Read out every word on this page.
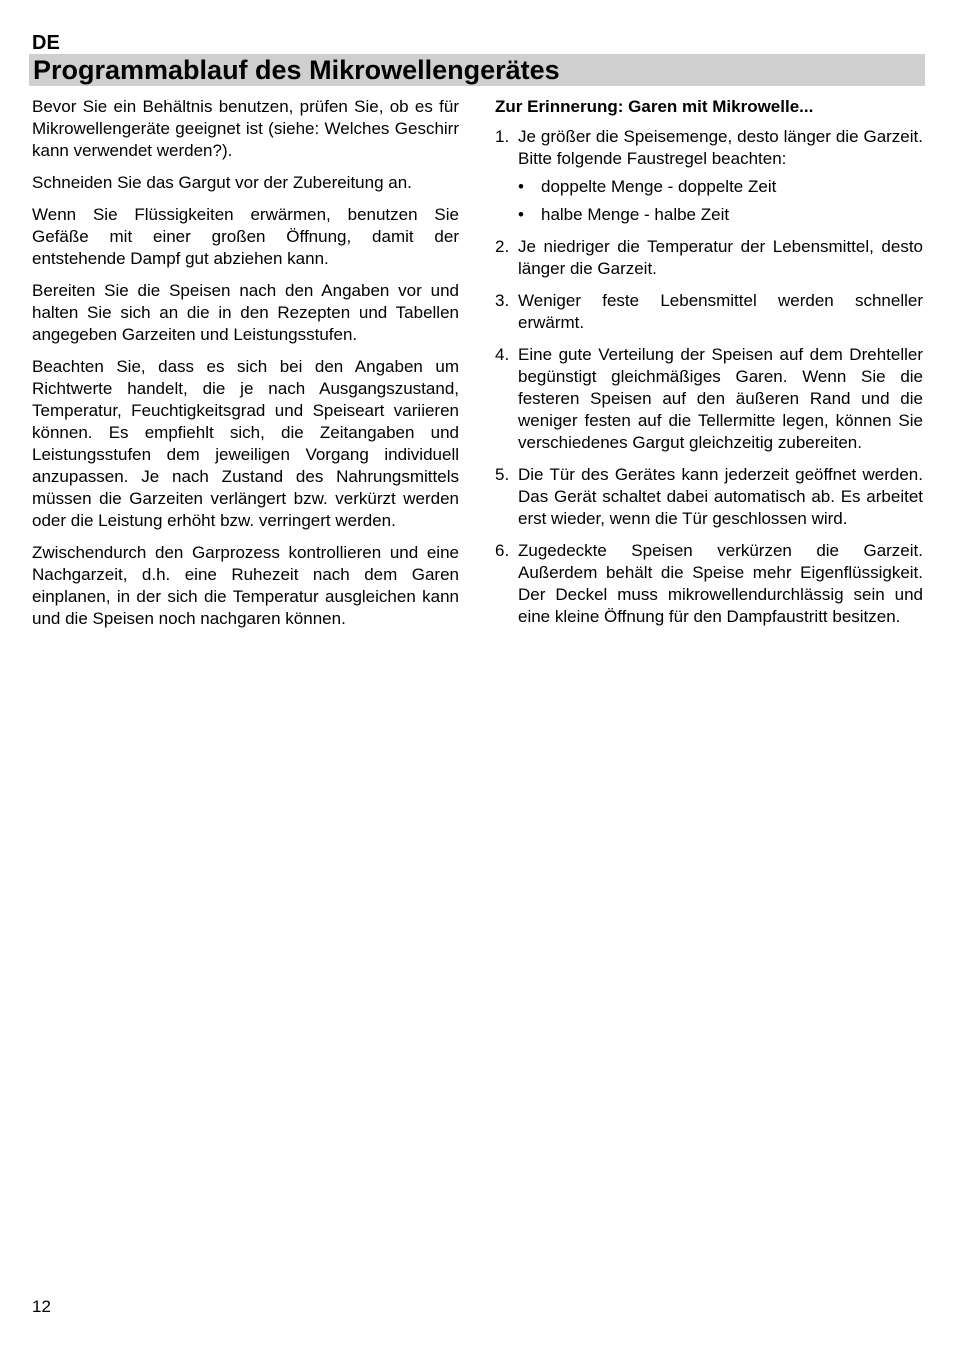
DE
Programmablauf des Mikrowellengerätes

Bevor Sie ein Behältnis benutzen, prüfen Sie, ob es für Mikrowellengeräte geeignet ist (siehe: Welches Geschirr kann verwendet werden?).

Schneiden Sie das Gargut vor der Zubereitung an.

Wenn Sie Flüssigkeiten erwärmen, benutzen Sie Gefäße mit einer großen Öffnung, damit der entstehende Dampf gut abziehen kann.

Bereiten Sie die Speisen nach den Angaben vor und halten Sie sich an die in den Rezepten und Tabellen angegeben Garzeiten und Leistungsstufen.

Beachten Sie, dass es sich bei den Angaben um Richtwerte handelt, die je nach Ausgangszustand, Temperatur, Feuchtigkeitsgrad und Speiseart variieren können. Es empfiehlt sich, die Zeitangaben und Leistungsstufen dem jeweiligen Vorgang individuell anzupassen. Je nach Zustand des Nahrungsmittels müssen die Garzeiten verlängert bzw. verkürzt werden oder die Leistung erhöht bzw. verringert werden.

Zwischendurch den Garprozess kontrollieren und eine Nachgarzeit, d.h. eine Ruhezeit nach dem Garen einplanen, in der sich die Temperatur ausgleichen kann und die Speisen noch nachgaren können.

Zur Erinnerung: Garen mit Mikrowelle...

1. Je größer die Speisemenge, desto länger die Garzeit. Bitte folgende Faustregel beachten:
• doppelte Menge - doppelte Zeit
• halbe Menge - halbe Zeit
2. Je niedriger die Temperatur der Lebensmittel, desto länger die Garzeit.
3. Weniger feste Lebensmittel werden schneller erwärmt.
4. Eine gute Verteilung der Speisen auf dem Drehteller begünstigt gleichmäßiges Garen. Wenn Sie die festeren Speisen auf den äußeren Rand und die weniger festen auf die Tellermitte legen, können Sie verschiedenes Gargut gleichzeitig zubereiten.
5. Die Tür des Gerätes kann jederzeit geöffnet werden. Das Gerät schaltet dabei automatisch ab. Es arbeitet erst wieder, wenn die Tür geschlossen wird.
6. Zugedeckte Speisen verkürzen die Garzeit. Außerdem behält die Speise mehr Eigenflüssigkeit. Der Deckel muss mikrowellendurchlässig sein und eine kleine Öffnung für den Dampfaustritt besitzen.
12
